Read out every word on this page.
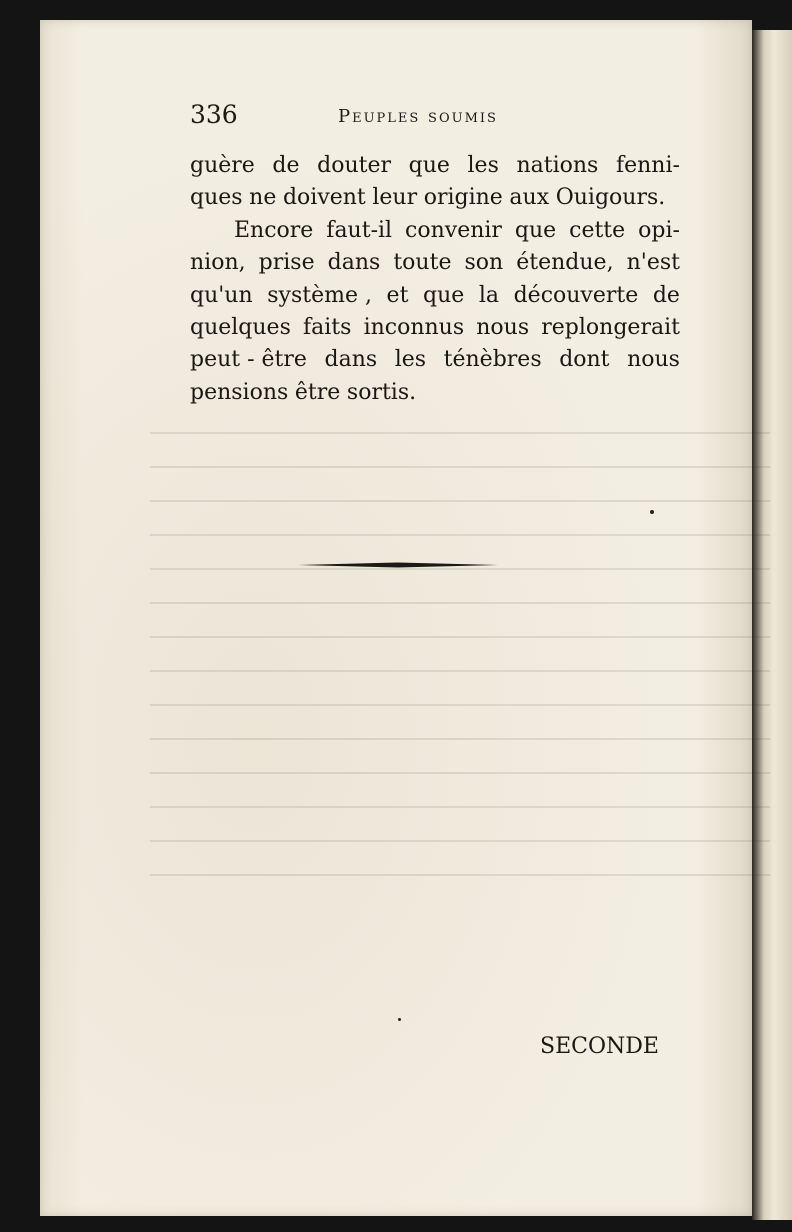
336	Peuples soumis
guère de douter que les nations fenni-
ques ne doivent leur origine aux Ouigours.
Encore faut-il convenir que cette opi-
nion, prise dans toute son étendue, n'est
qu'un système , et que la découverte de
quelques faits inconnus nous replongerait
peut - être dans les ténèbres dont nous
pensions être sortis.
SECONDE
